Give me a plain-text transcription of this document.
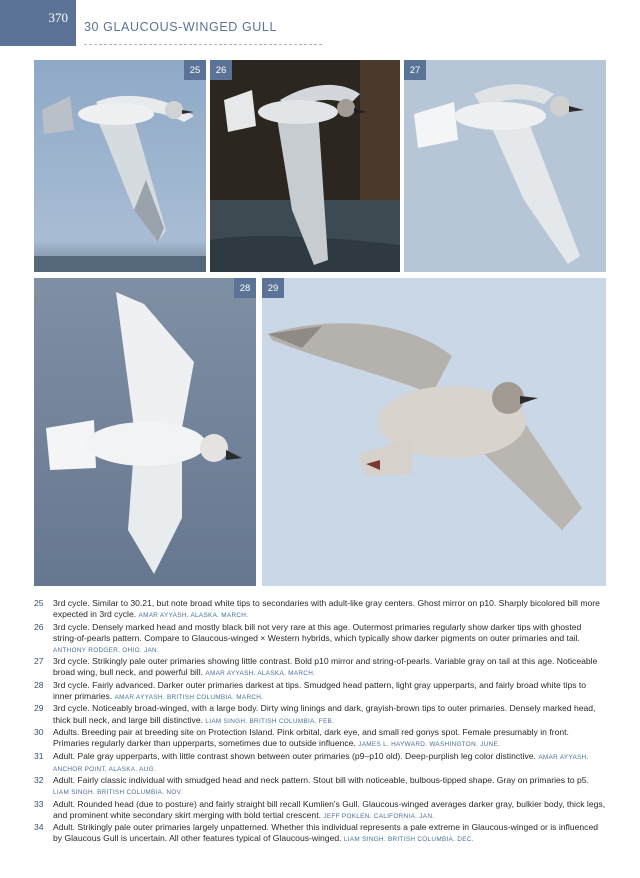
370
30 GLAUCOUS-WINGED GULL
25	26	27
28	29
25	3rd cycle. Similar to 30.21, but note broad white tips to secondaries with adult-like gray centers. Ghost mirror on p10. Sharply bicolored bill more expected in 3rd cycle. AMAR AYYASH. ALASKA. MARCH.
26	3rd cycle. Densely marked head and mostly black bill not very rare at this age. Outermost primaries regularly show darker tips with ghosted string-of-pearls pattern. Compare to Glaucous-winged × Western hybrids, which typically show darker pigments on outer primaries and tail. ANTHONY RODGER. OHIO. JAN.
27	3rd cycle. Strikingly pale outer primaries showing little contrast. Bold p10 mirror and string-of-pearls. Variable gray on tail at this age. Noticeable broad wing, bull neck, and powerful bill. AMAR AYYASH. ALASKA. MARCH.
28	3rd cycle. Fairly advanced. Darker outer primaries darkest at tips. Smudged head pattern, light gray upperparts, and fairly broad white tips to inner primaries. AMAR AYYASH. BRITISH COLUMBIA. MARCH.
29	3rd cycle. Noticeably broad-winged, with a large body. Dirty wing linings and dark, grayish-brown tips to outer primaries. Densely marked head, thick bull neck, and large bill distinctive. LIAM SINGH. BRITISH COLUMBIA. FEB.
30	Adults. Breeding pair at breeding site on Protection Island. Pink orbital, dark eye, and small red gonys spot. Female presumably in front. Primaries regularly darker than upperparts, sometimes due to outside influence. JAMES L. HAYWARD. WASHINGTON. JUNE.
31	Adult. Pale gray upperparts, with little contrast shown between outer primaries (p9–p10 old). Deep-purplish leg color distinctive. AMAR AYYASH. ANCHOR POINT, ALASKA. AUG.
32	Adult. Fairly classic individual with smudged head and neck pattern. Stout bill with noticeable, bulbous-tipped shape. Gray on primaries to p5. LIAM SINGH. BRITISH COLUMBIA. NOV.
33	Adult. Rounded head (due to posture) and fairly straight bill recall Kumlien's Gull. Glaucous-winged averages darker gray, bulkier body, thick legs, and prominent white secondary skirt merging with bold tertial crescent. JEFF POKLEN. CALIFORNIA. JAN.
34	Adult. Strikingly pale outer primaries largely unpatterned. Whether this individual represents a pale extreme in Glaucous-winged or is influenced by Glaucous Gull is uncertain. All other features typical of Glaucous-winged. LIAM SINGH. BRITISH COLUMBIA. DEC.
